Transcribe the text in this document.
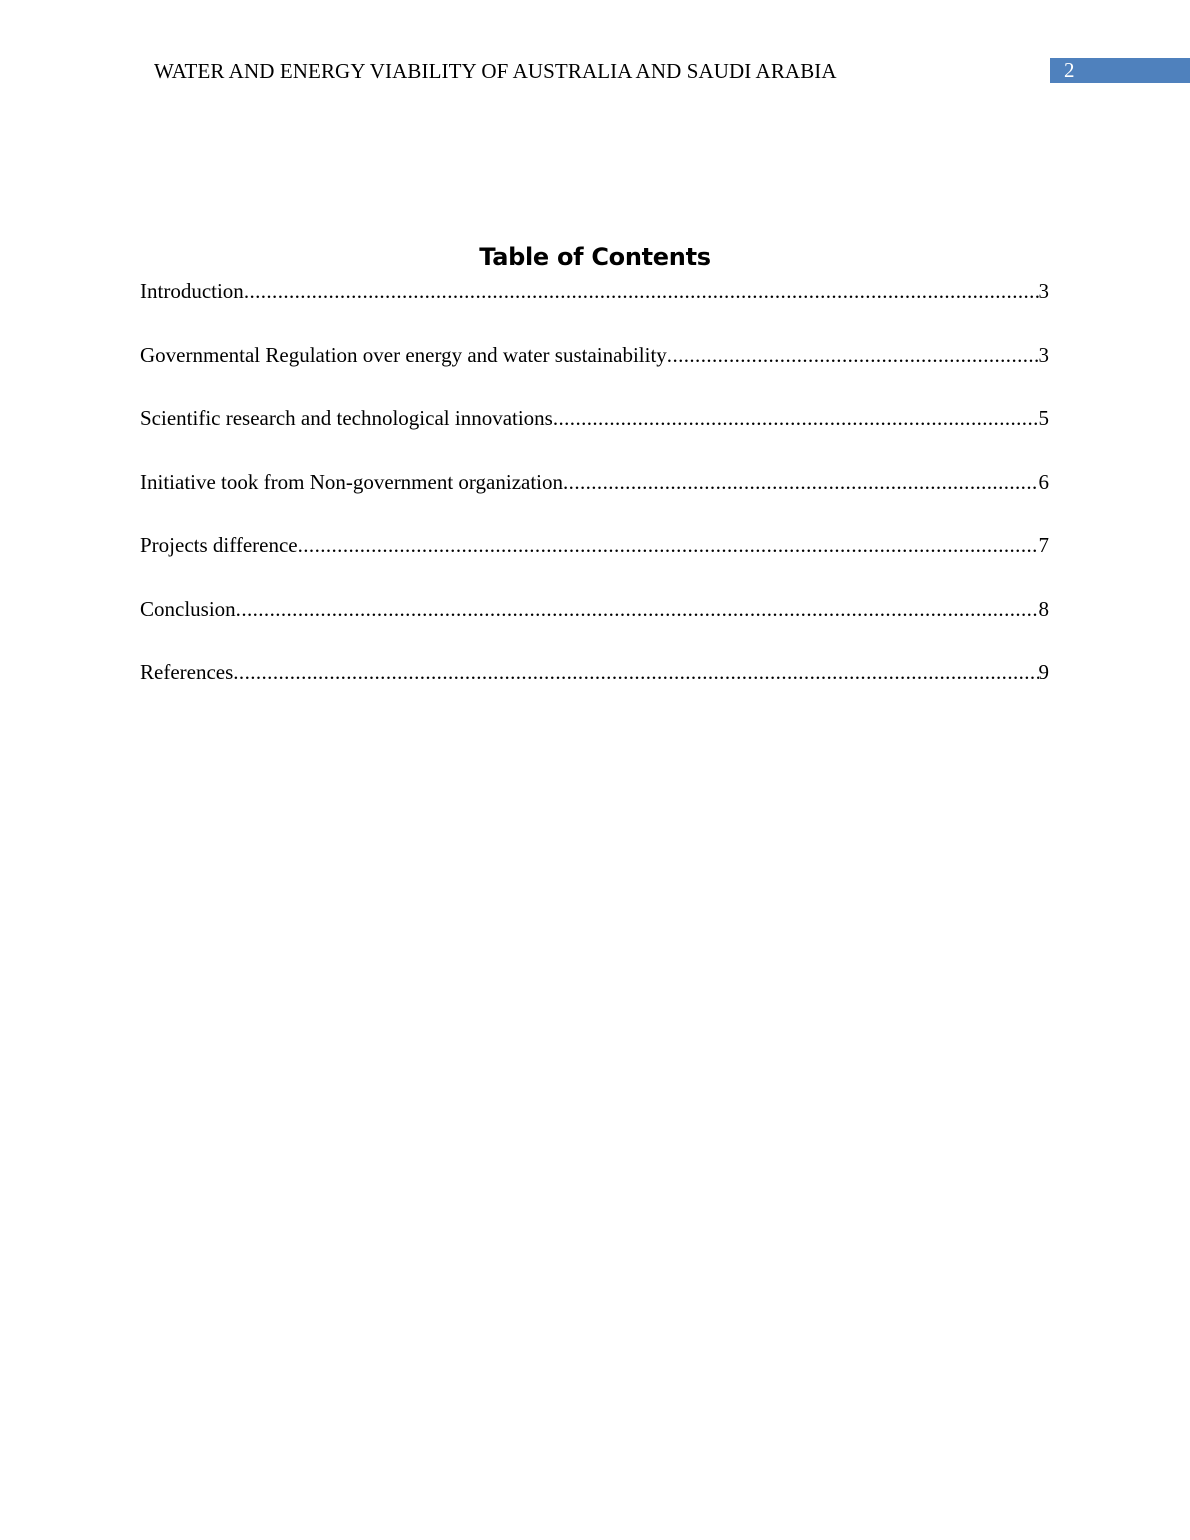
WATER AND ENERGY VIABILITY OF AUSTRALIA AND SAUDI ARABIA	2
Table of Contents
Introduction .....	3
Governmental Regulation over energy and water sustainability .....	3
Scientific research and technological innovations .....	5
Initiative took from Non-government organization .....	6
Projects difference .....	7
Conclusion .....	8
References .....	9
